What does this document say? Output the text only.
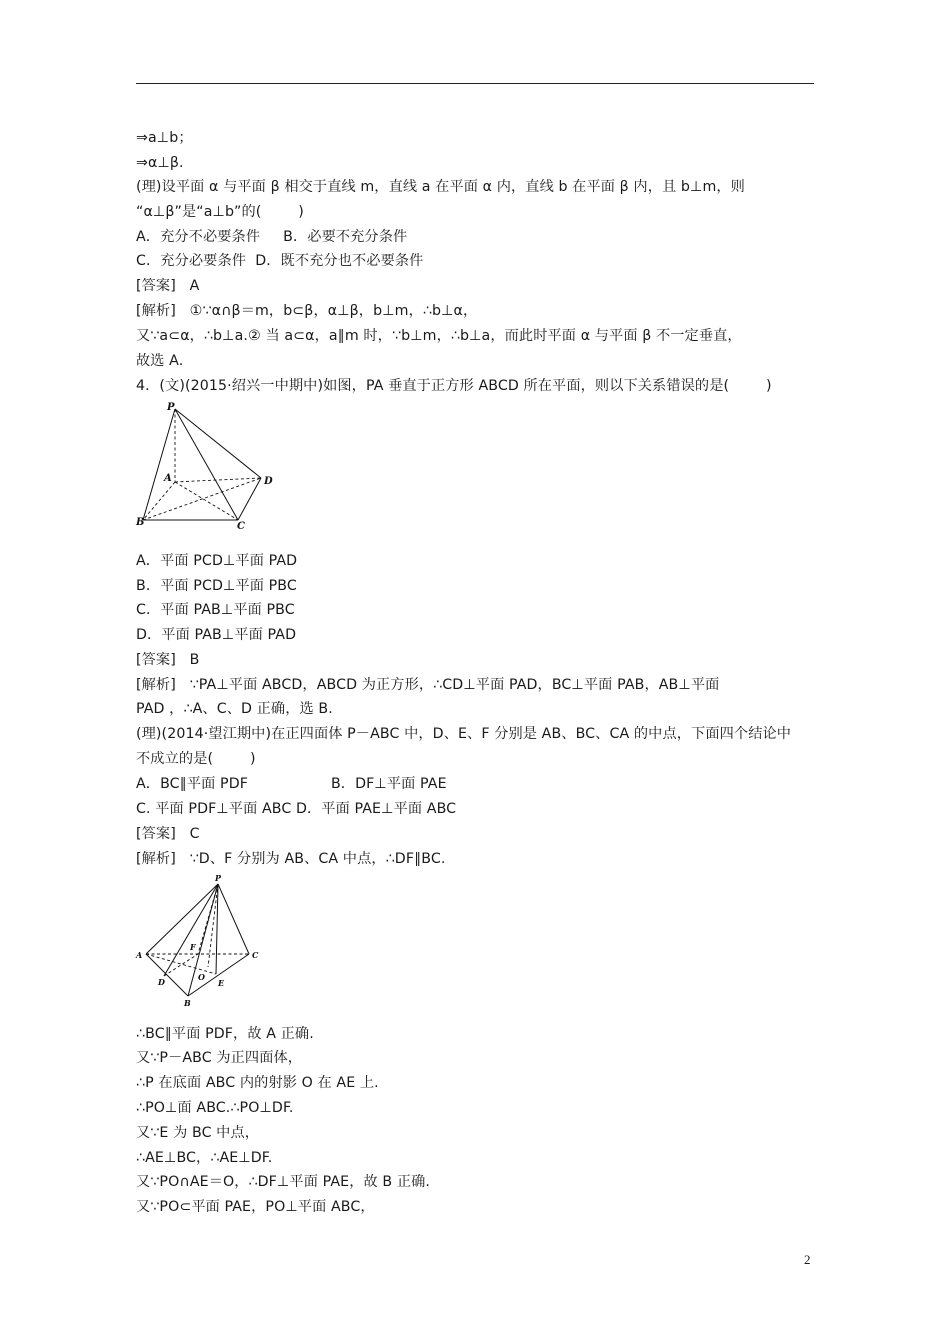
⇒a⊥b；
⇒α⊥β.
(理)设平面 α 与平面 β 相交于直线 m，直线 a 在平面 α 内，直线 b 在平面 β 内，且 b⊥m，则
“α⊥β”是“a⊥b”的(        )
A．充分不必要条件     B．必要不充分条件
C．充分必要条件  D．既不充分也不必要条件
[答案]   A
[解析]   ①∵α∩β＝m，b⊂β，α⊥β，b⊥m，∴b⊥α，
又∵a⊂α，∴b⊥a.② 当 a⊂α，a∥m 时，∵b⊥m，∴b⊥a，而此时平面 α 与平面 β 不一定垂直，
故选 A.
4．(文)(2015·绍兴一中期中)如图，PA 垂直于正方形 ABCD 所在平面，则以下关系错误的是(        )
P
A	D
B	C
A．平面 PCD⊥平面 PAD
B．平面 PCD⊥平面 PBC
C．平面 PAB⊥平面 PBC
D．平面 PAB⊥平面 PAD
[答案]   B
[解析]   ∵PA⊥平面 ABCD，ABCD 为正方形，∴CD⊥平面 PAD，BC⊥平面 PAB，AB⊥平面
PAD ，∴A、C、D 正确，选 B.
(理)(2014·望江期中)在正四面体 P－ABC 中，D、E、F 分别是 AB、BC、CA 的中点，下面四个结论中
不成立的是(        )
A．BC∥平面 PDF                  B．DF⊥平面 PAE
C. 平面 PDF⊥平面 ABC D．平面 PAE⊥平面 ABC
[答案]   C
[解析]   ∵D、F 分别为 AB、CA 中点，∴DF∥BC.
P
A	C
F
D	O
E
B
∴BC∥平面 PDF，故 A 正确.
又∵P－ABC 为正四面体，
∴P 在底面 ABC 内的射影 O 在 AE 上.
∴PO⊥面 ABC.∴PO⊥DF.
又∵E 为 BC 中点，
∴AE⊥BC，∴AE⊥DF.
又∵PO∩AE＝O，∴DF⊥平面 PAE，故 B 正确.
又∵PO⊂平面 PAE，PO⊥平面 ABC，
2
